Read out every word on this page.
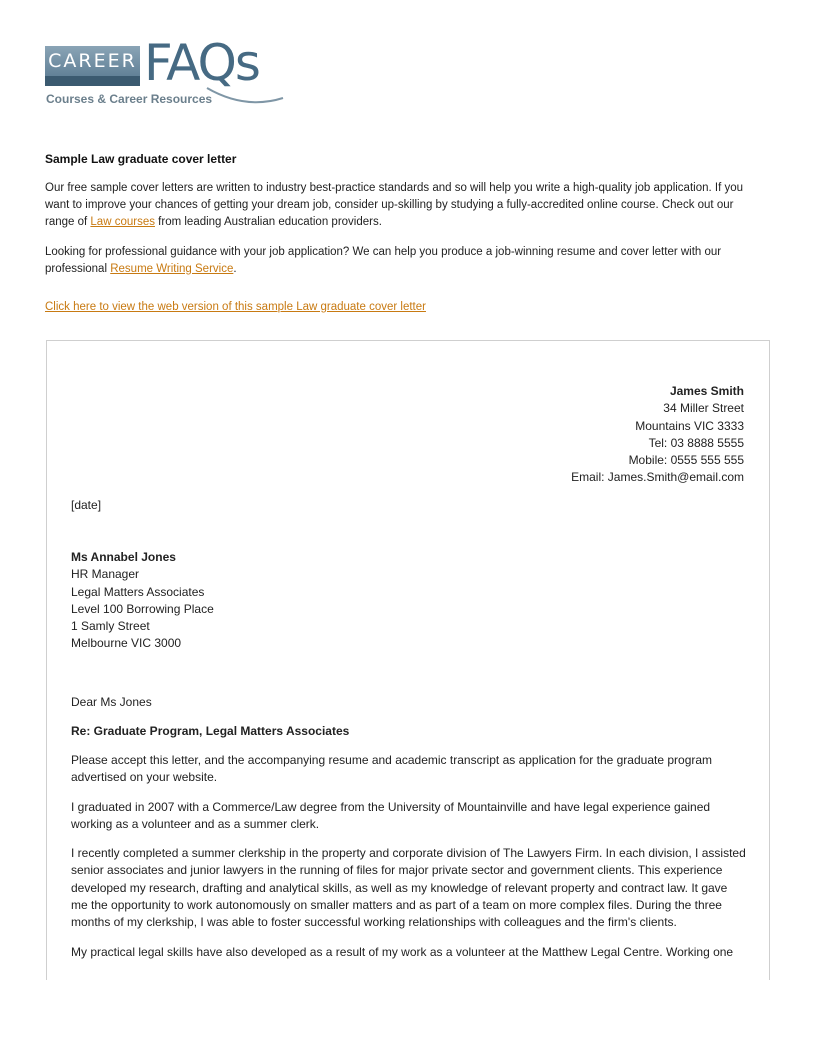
CAREER FAQs
Courses & Career Resources
Sample Law graduate cover letter

Our free sample cover letters are written to industry best-practice standards and so will help you write a high-quality job application. If you want to improve your chances of getting your dream job, consider up-skilling by studying a fully-accredited online course. Check out our range of Law courses from leading Australian education providers.

Looking for professional guidance with your job application? We can help you produce a job-winning resume and cover letter with our professional Resume Writing Service.

Click here to view the web version of this sample Law graduate cover letter
James Smith
34 Miller Street
Mountains VIC 3333
Tel: 03 8888 5555
Mobile: 0555 555 555
Email: James.Smith@email.com
[date]
Ms Annabel Jones
HR Manager
Legal Matters Associates
Level 100 Borrowing Place
1 Samly Street
Melbourne VIC 3000
Dear Ms Jones
Re: Graduate Program, Legal Matters Associates

Please accept this letter, and the accompanying resume and academic transcript as application for the graduate program advertised on your website.

I graduated in 2007 with a Commerce/Law degree from the University of Mountainville and have legal experience gained working as a volunteer and as a summer clerk.

I recently completed a summer clerkship in the property and corporate division of The Lawyers Firm. In each division, I assisted senior associates and junior lawyers in the running of files for major private sector and government clients. This experience developed my research, drafting and analytical skills, as well as my knowledge of relevant property and contract law. It gave me the opportunity to work autonomously on smaller matters and as part of a team on more complex files. During the three months of my clerkship, I was able to foster successful working relationships with colleagues and the firm's clients.

My practical legal skills have also developed as a result of my work as a volunteer at the Matthew Legal Centre. Working one
